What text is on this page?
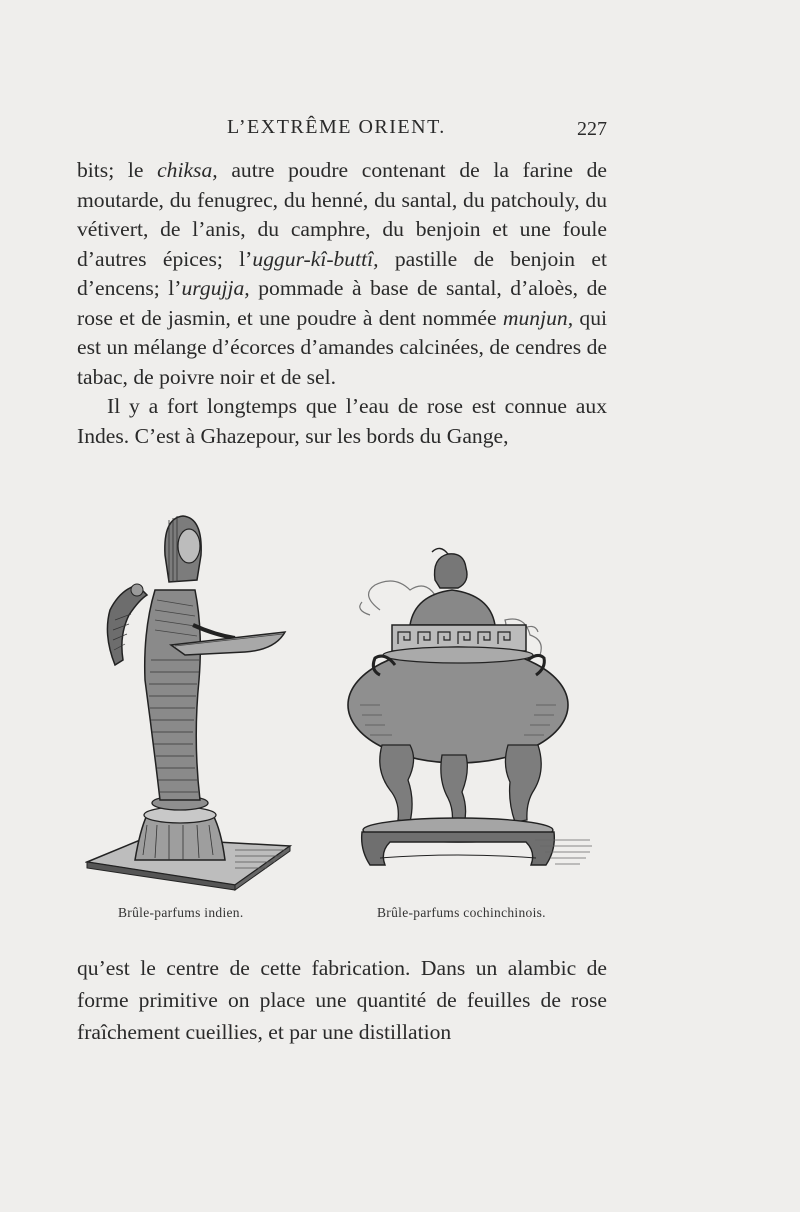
L’EXTRÊME ORIENT.	227

bits; le chiksa, autre poudre contenant de la farine de moutarde, du fenugrec, du henné, du santal, du patchouly, du vétivert, de l’anis, du camphre, du benjoin et une foule d’autres épices; l’uggur-kî-buttî, pastille de benjoin et d’encens; l’urgujja, pommade à base de santal, d’aloès, de rose et de jasmin, et une poudre à dent nommée munjun, qui est un mélange d’écorces d’amandes calcinées, de cendres de tabac, de poivre noir et de sel.

Il y a fort longtemps que l’eau de rose est connue aux Indes. C’est à Ghazepour, sur les bords du Gange,

Brûle-parfums indien.	Brûle-parfums cochinchinois.

qu’est le centre de cette fabrication. Dans un alambic de forme primitive on place une quantité de feuilles de rose fraîchement cueillies, et par une distillation
